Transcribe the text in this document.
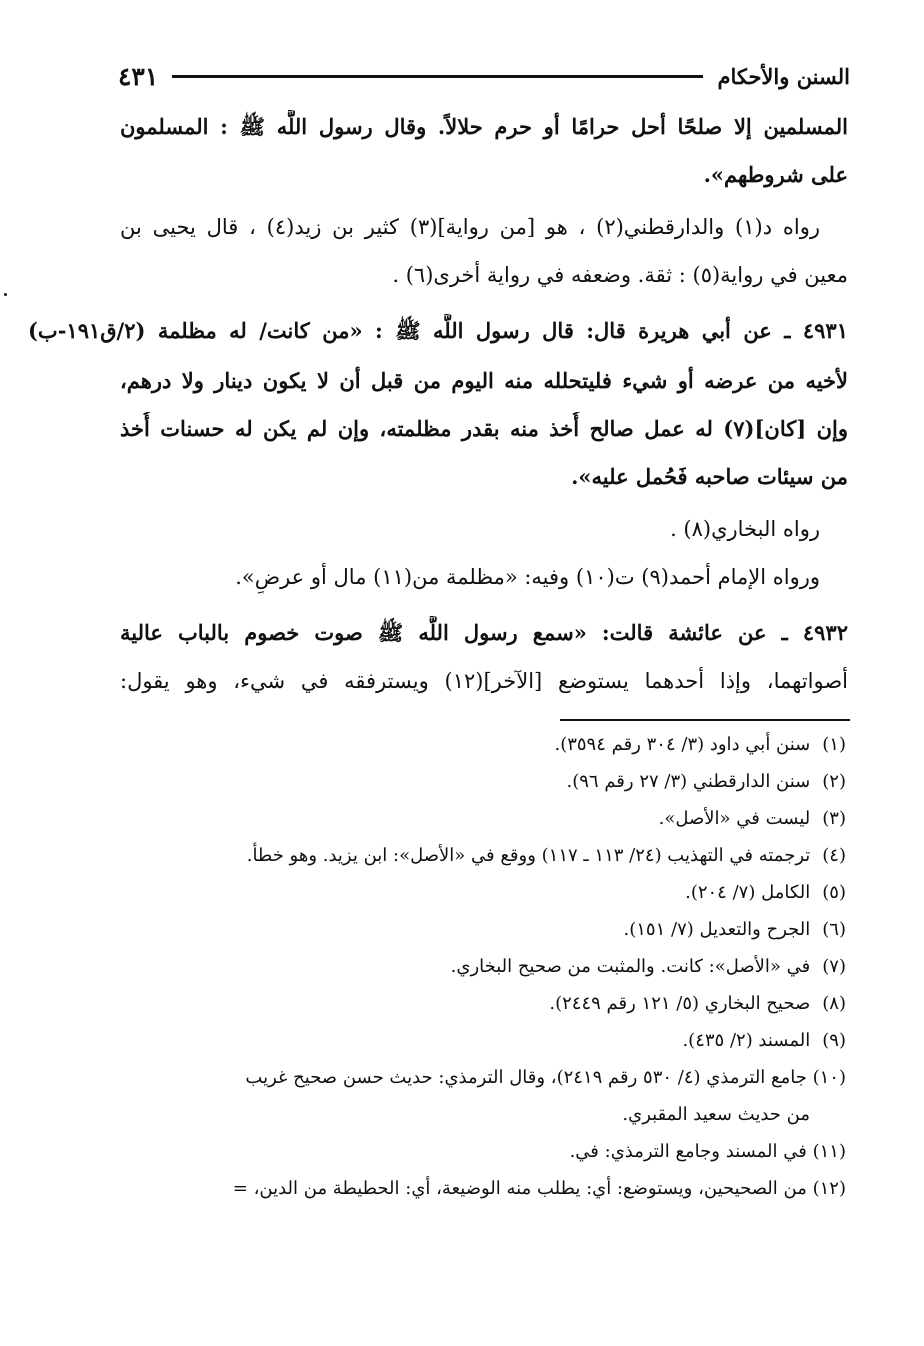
السنن والأحكام
٤٣١
المسلمين إلا صلحًا أحل حرامًا أو حرم حلالاً. وقال رسول اللَّه ﷺ : المسلمون
على شروطهم».
رواه د(١) والدارقطني(٢) ، هو [من رواية](٣) كثير بن زيد(٤) ، قال يحيى بن
معين في رواية(٥) : ثقة. وضعفه في رواية أخرى(٦) .
٤٩٣١ ـ عن أبي هريرة قال: قال رسول اللَّه ﷺ : «من كانت/ له مظلمة (٢/ق١٩١-ب)
لأخيه من عرضه أو شيء فليتحلله منه اليوم من قبل أن لا يكون دينار ولا درهم،
وإن [كان](٧) له عمل صالح أُخذ منه بقدر مظلمته، وإن لم يكن له حسنات أُخذ
من سيئات صاحبه فَحُمل عليه».
رواه البخاري(٨) .
ورواه الإمام أحمد(٩) ت(١٠) وفيه: «مظلمة من(١١) مال أو عرضٍ».
٤٩٣٢ ـ عن عائشة قالت: «سمع رسول اللَّه ﷺ صوت خصوم بالباب عالية
أصواتهما، وإذا أحدهما يستوضع [الآخر](١٢) ويسترفقه في شيء، وهو يقول:
(١) سنن أبي داود (٣/ ٣٠٤ رقم ٣٥٩٤).
(٢) سنن الدارقطني (٣/ ٢٧ رقم ٩٦).
(٣) ليست في «الأصل».
(٤) ترجمته في التهذيب (٢٤/ ١١٣ ـ ١١٧) ووقع في «الأصل»: ابن يزيد. وهو خطأ.
(٥) الكامل (٧/ ٢٠٤).
(٦) الجرح والتعديل (٧/ ١٥١).
(٧) في «الأصل»: كانت. والمثبت من صحيح البخاري.
(٨) صحيح البخاري (٥/ ١٢١ رقم ٢٤٤٩).
(٩) المسند (٢/ ٤٣٥).
(١٠) جامع الترمذي (٤/ ٥٣٠ رقم ٢٤١٩)، وقال الترمذي: حديث حسن صحيح غريب
من حديث سعيد المقبري.
(١١) في المسند وجامع الترمذي: في.
(١٢) من الصحيحين، ويستوضع: أي: يطلب منه الوضيعة، أي: الحطيطة من الدين، =
